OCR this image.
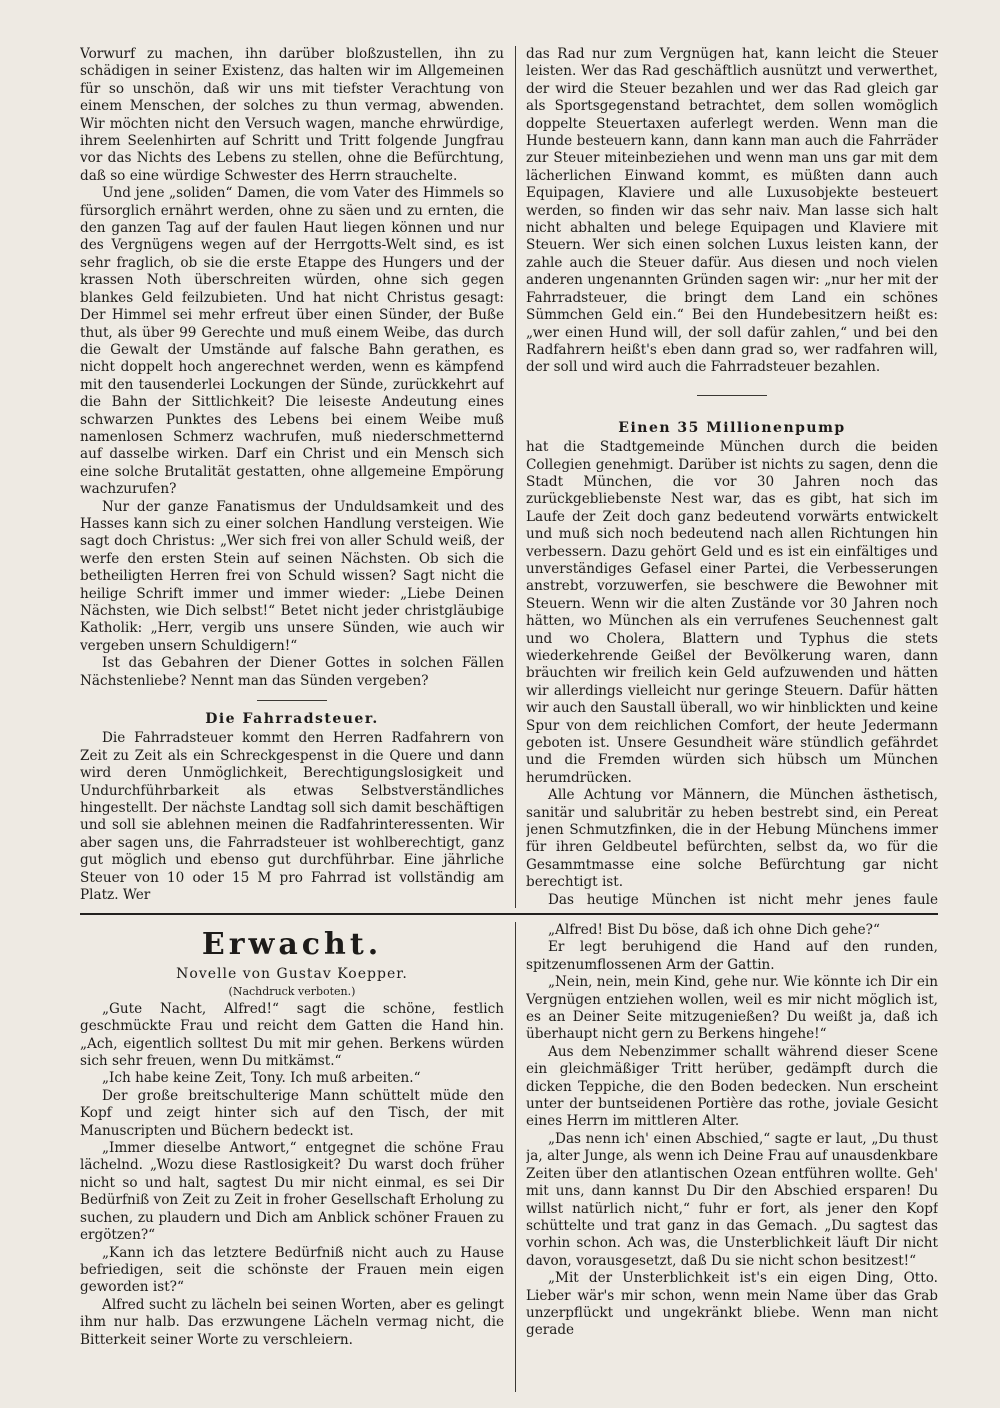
Vorwurf zu machen, ihn darüber bloßzustellen, ihn zu schädigen in seiner Existenz, das halten wir im Allgemeinen für so unschön, daß wir uns mit tiefster Verachtung von einem Menschen, der solches zu thun vermag, abwenden. Wir möchten nicht den Versuch wagen, manche ehrwürdige, ihrem Seelenhirten auf Schritt und Tritt folgende Jungfrau vor das Nichts des Lebens zu stellen, ohne die Befürchtung, daß so eine würdige Schwester des Herrn strauchelte.

Und jene „soliden“ Damen, die vom Vater des Himmels so fürsorglich ernährt werden, ohne zu säen und zu ernten, die den ganzen Tag auf der faulen Haut liegen können und nur des Vergnügens wegen auf der Herrgotts-Welt sind, es ist sehr fraglich, ob sie die erste Etappe des Hungers und der krassen Noth überschreiten würden, ohne sich gegen blankes Geld feilzubieten. Und hat nicht Christus gesagt: Der Himmel sei mehr erfreut über einen Sünder, der Buße thut, als über 99 Gerechte und muß einem Weibe, das durch die Gewalt der Umstände auf falsche Bahn gerathen, es nicht doppelt hoch angerechnet werden, wenn es kämpfend mit den tausenderlei Lockungen der Sünde, zurückkehrt auf die Bahn der Sittlichkeit? Die leiseste Andeutung eines schwarzen Punktes des Lebens bei einem Weibe muß namenlosen Schmerz wachrufen, muß niederschmetternd auf dasselbe wirken. Darf ein Christ und ein Mensch sich eine solche Brutalität gestatten, ohne allgemeine Empörung wachzurufen?

Nur der ganze Fanatismus der Unduldsamkeit und des Hasses kann sich zu einer solchen Handlung versteigen. Wie sagt doch Christus: „Wer sich frei von aller Schuld weiß, der werfe den ersten Stein auf seinen Nächsten. Ob sich die betheiligten Herren frei von Schuld wissen? Sagt nicht die heilige Schrift immer und immer wieder: „Liebe Deinen Nächsten, wie Dich selbst!“ Betet nicht jeder christgläubige Katholik: „Herr, vergib uns unsere Sünden, wie auch wir vergeben unsern Schuldigern!“

Ist das Gebahren der Diener Gottes in solchen Fällen Nächstenliebe? Nennt man das Sünden vergeben?

Die Fahrradsteuer.

Die Fahrradsteuer kommt den Herren Radfahrern von Zeit zu Zeit als ein Schreckgespenst in die Quere und dann wird deren Unmöglichkeit, Berechtigungslosigkeit und Undurchführbarkeit als etwas Selbstverständliches hingestellt. Der nächste Landtag soll sich damit beschäftigen und soll sie ablehnen meinen die Radfahrinteressenten. Wir aber sagen uns, die Fahrradsteuer ist wohlberechtigt, ganz gut möglich und ebenso gut durchführbar. Eine jährliche Steuer von 10 oder 15 M pro Fahrrad ist vollständig am Platz. Wer

das Rad nur zum Vergnügen hat, kann leicht die Steuer leisten. Wer das Rad geschäftlich ausnützt und verwerthet, der wird die Steuer bezahlen und wer das Rad gleich gar als Sportsgegenstand betrachtet, dem sollen womöglich doppelte Steuertaxen auferlegt werden. Wenn man die Hunde besteuern kann, dann kann man auch die Fahrräder zur Steuer miteinbeziehen und wenn man uns gar mit dem lächerlichen Einwand kommt, es müßten dann auch Equipagen, Klaviere und alle Luxusobjekte besteuert werden, so finden wir das sehr naiv. Man lasse sich halt nicht abhalten und belege Equipagen und Klaviere mit Steuern. Wer sich einen solchen Luxus leisten kann, der zahle auch die Steuer dafür. Aus diesen und noch vielen anderen ungenannten Gründen sagen wir: „nur her mit der Fahrradsteuer, die bringt dem Land ein schönes Sümmchen Geld ein.“ Bei den Hundebesitzern heißt es: „wer einen Hund will, der soll dafür zahlen,“ und bei den Radfahrern heißt's eben dann grad so, wer radfahren will, der soll und wird auch die Fahrradsteuer bezahlen.

Einen 35 Millionenpump

hat die Stadtgemeinde München durch die beiden Collegien genehmigt. Darüber ist nichts zu sagen, denn die Stadt München, die vor 30 Jahren noch das zurückgebliebenste Nest war, das es gibt, hat sich im Laufe der Zeit doch ganz bedeutend vorwärts entwickelt und muß sich noch bedeutend nach allen Richtungen hin verbessern. Dazu gehört Geld und es ist ein einfältiges und unverständiges Gefasel einer Partei, die Verbesserungen anstrebt, vorzuwerfen, sie beschwere die Bewohner mit Steuern. Wenn wir die alten Zustände vor 30 Jahren noch hätten, wo München als ein verrufenes Seuchennest galt und wo Cholera, Blattern und Typhus die stets wiederkehrende Geißel der Bevölkerung waren, dann bräuchten wir freilich kein Geld aufzuwenden und hätten wir allerdings vielleicht nur geringe Steuern. Dafür hätten wir auch den Saustall überall, wo wir hinblickten und keine Spur von dem reichlichen Comfort, der heute Jedermann geboten ist. Unsere Gesundheit wäre stündlich gefährdet und die Fremden würden sich hübsch um München herumdrücken.

Alle Achtung vor Männern, die München ästhetisch, sanitär und salubritär zu heben bestrebt sind, ein Pereat jenen Schmutzfinken, die in der Hebung Münchens immer für ihren Geldbeutel befürchten, selbst da, wo für die Gesammtmasse eine solche Befürchtung gar nicht berechtigt ist.

Das heutige München ist nicht mehr jenes faule

Erwacht.

Novelle von Gustav Koepper.

(Nachdruck verboten.)

„Gute Nacht, Alfred!“ sagt die schöne, festlich geschmückte Frau und reicht dem Gatten die Hand hin. „Ach, eigentlich solltest Du mit mir gehen. Berkens würden sich sehr freuen, wenn Du mitkämst.“

„Ich habe keine Zeit, Tony. Ich muß arbeiten.“

Der große breitschulterige Mann schüttelt müde den Kopf und zeigt hinter sich auf den Tisch, der mit Manuscripten und Büchern bedeckt ist.

„Immer dieselbe Antwort,“ entgegnet die schöne Frau lächelnd. „Wozu diese Rastlosigkeit? Du warst doch früher nicht so und halt, sagtest Du mir nicht einmal, es sei Dir Bedürfniß von Zeit zu Zeit in froher Gesellschaft Erholung zu suchen, zu plaudern und Dich am Anblick schöner Frauen zu ergötzen?“

„Kann ich das letztere Bedürfniß nicht auch zu Hause befriedigen, seit die schönste der Frauen mein eigen geworden ist?“

Alfred sucht zu lächeln bei seinen Worten, aber es gelingt ihm nur halb. Das erzwungene Lächeln vermag nicht, die Bitterkeit seiner Worte zu verschleiern.

„Alfred! Bist Du böse, daß ich ohne Dich gehe?“

Er legt beruhigend die Hand auf den runden, spitzenumflossenen Arm der Gattin.

„Nein, nein, mein Kind, gehe nur. Wie könnte ich Dir ein Vergnügen entziehen wollen, weil es mir nicht möglich ist, es an Deiner Seite mitzugenießen? Du weißt ja, daß ich überhaupt nicht gern zu Berkens hingehe!“

Aus dem Nebenzimmer schallt während dieser Scene ein gleichmäßiger Tritt herüber, gedämpft durch die dicken Teppiche, die den Boden bedecken. Nun erscheint unter der buntseidenen Portière das rothe, joviale Gesicht eines Herrn im mittleren Alter.

„Das nenn ich' einen Abschied,“ sagte er laut, „Du thust ja, alter Junge, als wenn ich Deine Frau auf unausdenkbare Zeiten über den atlantischen Ozean entführen wollte. Geh' mit uns, dann kannst Du Dir den Abschied ersparen! Du willst natürlich nicht,“ fuhr er fort, als jener den Kopf schüttelte und trat ganz in das Gemach. „Du sagtest das vorhin schon. Ach was, die Unsterblichkeit läuft Dir nicht davon, vorausgesetzt, daß Du sie nicht schon besitzest!“

„Mit der Unsterblichkeit ist's ein eigen Ding, Otto. Lieber wär's mir schon, wenn mein Name über das Grab unzerpflückt und ungekränkt bliebe. Wenn man nicht gerade
